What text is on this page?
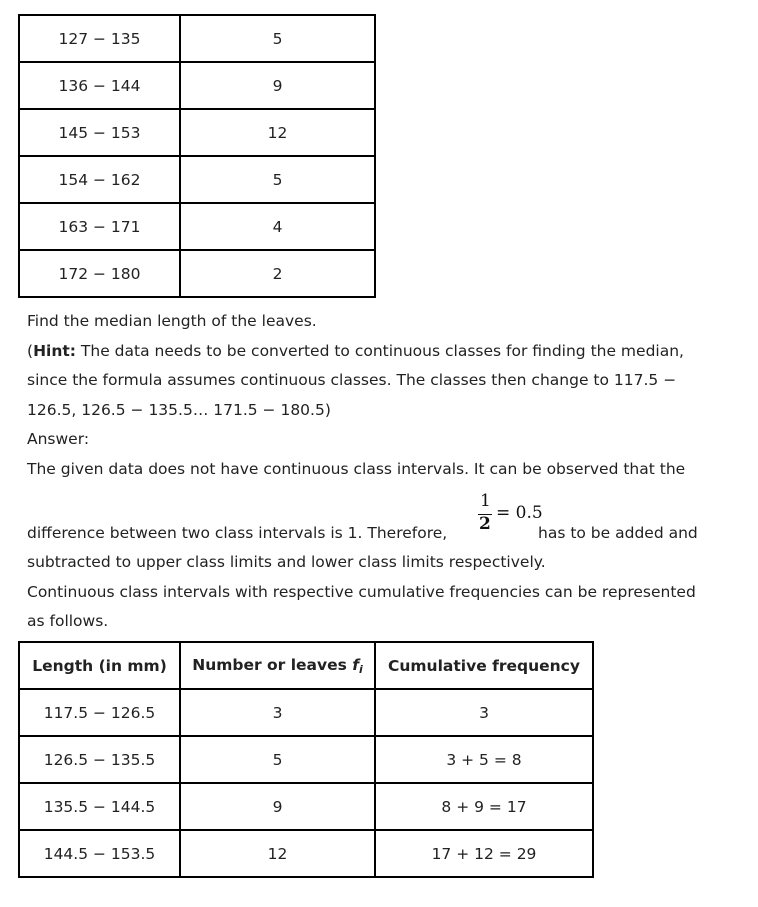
127 − 135	5
136 − 144	9
145 − 153	12
154 − 162	5
163 − 171	4
172 − 180	2
Find the median length of the leaves.
(Hint: The data needs to be converted to continuous classes for finding the median,
since the formula assumes continuous classes. The classes then change to 117.5 −
126.5, 126.5 − 135.5… 171.5 − 180.5)
Answer:
The given data does not have continuous class intervals. It can be observed that the
difference between two class intervals is 1. Therefore,
1
2
= 0.5
has to be added and
subtracted to upper class limits and lower class limits respectively.
Continuous class intervals with respective cumulative frequencies can be represented
as follows.
Length (in mm)	Number or leaves $f_i$	Cumulative frequency
117.5 − 126.5	3	3
126.5 − 135.5	5	3 + 5 = 8
135.5 − 144.5	9	8 + 9 = 17
144.5 − 153.5	12	17 + 12 = 29
